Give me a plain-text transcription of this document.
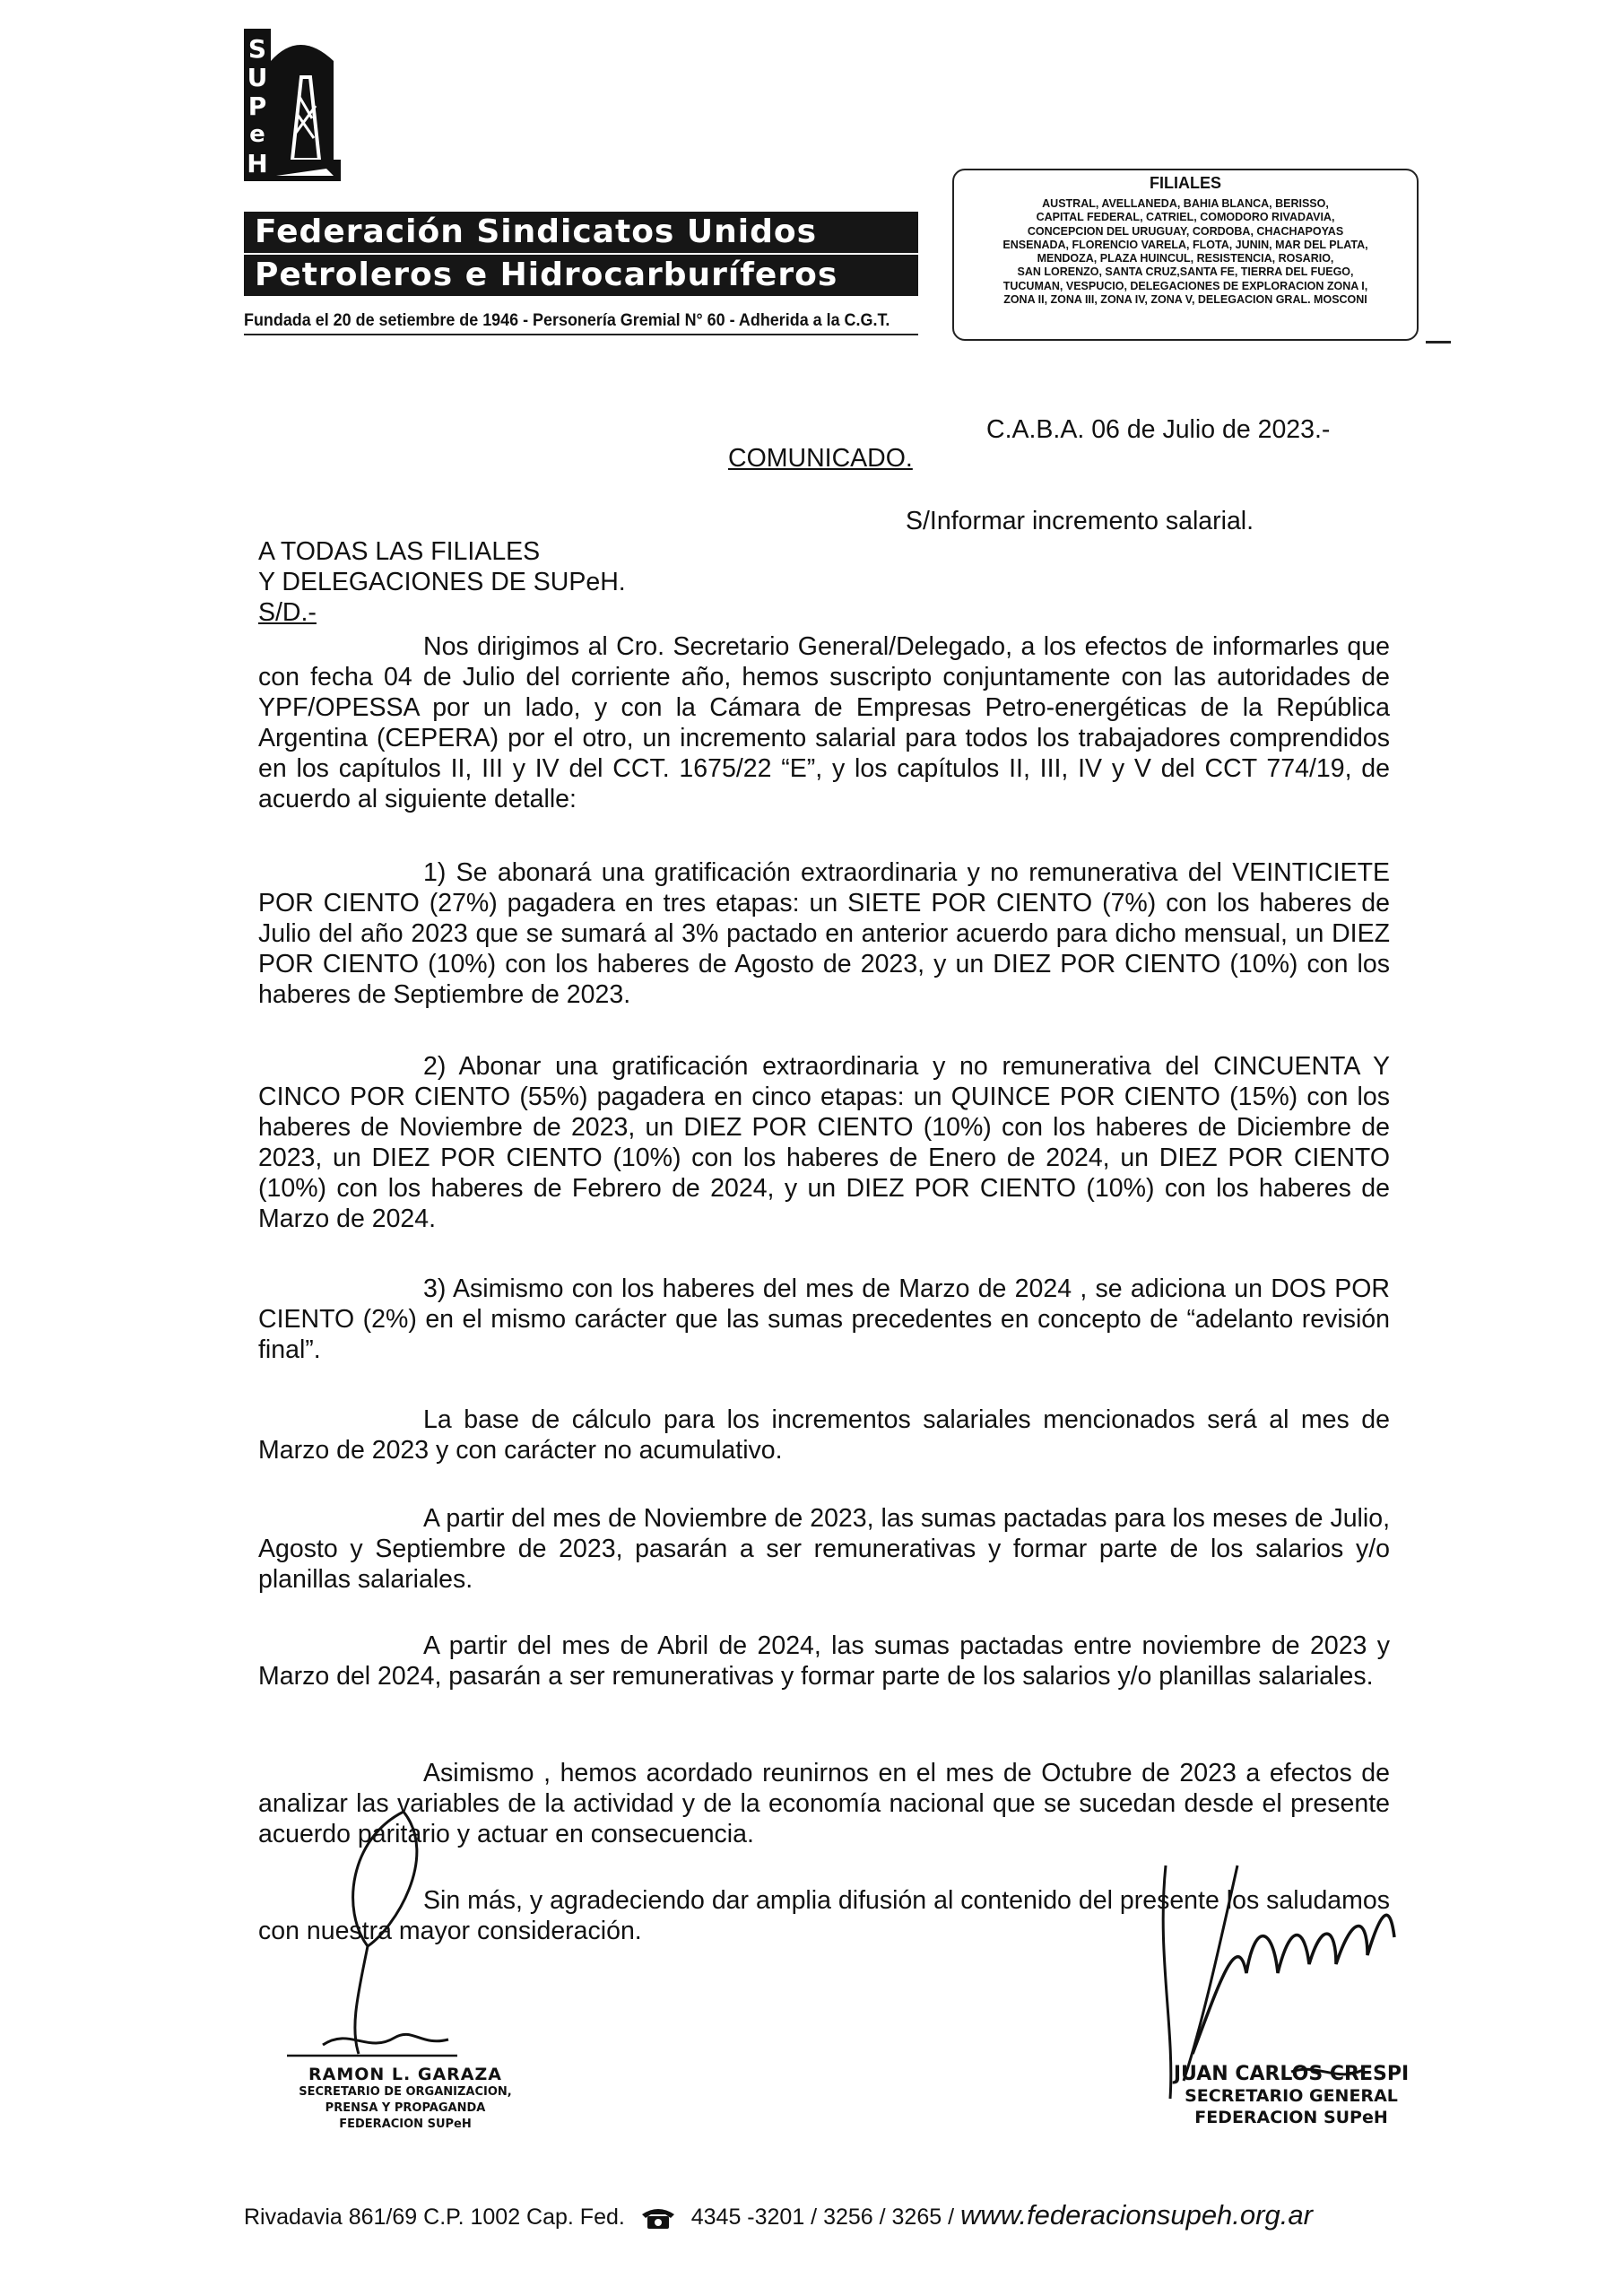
S
U
P
e
H
Federación Sindicatos Unidos
Petroleros e Hidrocarburíferos
Fundada el 20 de setiembre de 1946 - Personería Gremial N° 60 - Adherida a la C.G.T.
FILIALES
AUSTRAL, AVELLANEDA, BAHIA BLANCA, BERISSO,
CAPITAL FEDERAL, CATRIEL, COMODORO RIVADAVIA,
CONCEPCION DEL URUGUAY, CORDOBA, CHACHAPOYAS
ENSENADA, FLORENCIO VARELA, FLOTA, JUNIN, MAR DEL PLATA,
MENDOZA, PLAZA HUINCUL, RESISTENCIA, ROSARIO,
SAN LORENZO, SANTA CRUZ,SANTA FE, TIERRA DEL FUEGO,
TUCUMAN, VESPUCIO, DELEGACIONES DE EXPLORACION ZONA I,
ZONA II, ZONA III, ZONA IV, ZONA V, DELEGACION GRAL. MOSCONI
C.A.B.A. 06 de Julio de 2023.-
COMUNICADO.
S/Informar incremento salarial.
A TODAS LAS FILIALES
Y DELEGACIONES DE SUPeH.
S/D.-
Nos dirigimos al Cro. Secretario General/Delegado, a los efectos de informarles que con fecha 04 de Julio del corriente año, hemos suscripto conjuntamente con las autoridades de YPF/OPESSA por un lado, y con la Cámara de Empresas Petro-energéticas de la República Argentina (CEPERA) por el otro, un incremento salarial para todos los trabajadores comprendidos en los capítulos II, III y IV del CCT. 1675/22 “E”, y los capítulos II, III, IV y V del CCT 774/19, de acuerdo al siguiente detalle:
1) Se abonará una gratificación extraordinaria y no remunerativa del VEINTICIETE POR CIENTO (27%) pagadera en tres etapas: un SIETE POR CIENTO (7%) con los haberes de Julio del año 2023 que se sumará al 3% pactado en anterior acuerdo para dicho mensual, un DIEZ POR CIENTO (10%) con los haberes de Agosto de 2023, y un DIEZ POR CIENTO (10%) con los haberes de Septiembre de 2023.
2) Abonar una gratificación extraordinaria y no remunerativa del CINCUENTA Y CINCO POR CIENTO (55%) pagadera en cinco etapas: un QUINCE POR CIENTO (15%) con los haberes de Noviembre de 2023, un DIEZ POR CIENTO (10%) con los haberes de Diciembre de 2023, un DIEZ POR CIENTO (10%) con los haberes de Enero de 2024, un DIEZ POR CIENTO (10%) con los haberes de Febrero de 2024, y un DIEZ POR CIENTO (10%) con los haberes de Marzo de 2024.
3) Asimismo con los haberes del mes de Marzo de 2024 , se adiciona un DOS POR CIENTO (2%) en el mismo carácter que las sumas precedentes en concepto de “adelanto revisión final”.
La base de cálculo para los incrementos salariales mencionados será al mes de Marzo de 2023 y con carácter no acumulativo.
A partir del mes de Noviembre de 2023, las sumas pactadas para los meses de Julio, Agosto y Septiembre de 2023, pasarán a ser remunerativas y formar parte de los salarios y/o planillas salariales.
A partir del mes de Abril de 2024, las sumas pactadas entre noviembre de 2023 y Marzo del 2024, pasarán a ser remunerativas y formar parte de los salarios y/o planillas salariales.
Asimismo , hemos acordado reunirnos en el mes de Octubre de 2023 a efectos de analizar las variables de la actividad y de la economía nacional que se sucedan desde el presente acuerdo paritario y actuar en consecuencia.
Sin más, y agradeciendo dar amplia difusión al contenido del presente los saludamos con nuestra mayor consideración.
RAMON L. GARAZA
SECRETARIO DE ORGANIZACION,
PRENSA Y PROPAGANDA
FEDERACION SUPeH
JUAN CARLOS CRESPI
SECRETARIO GENERAL
FEDERACION SUPeH
Rivadavia 861/69 C.P. 1002 Cap. Fed.	4345 -3201 / 3256 / 3265 / www.federacionsupeh.org.ar
